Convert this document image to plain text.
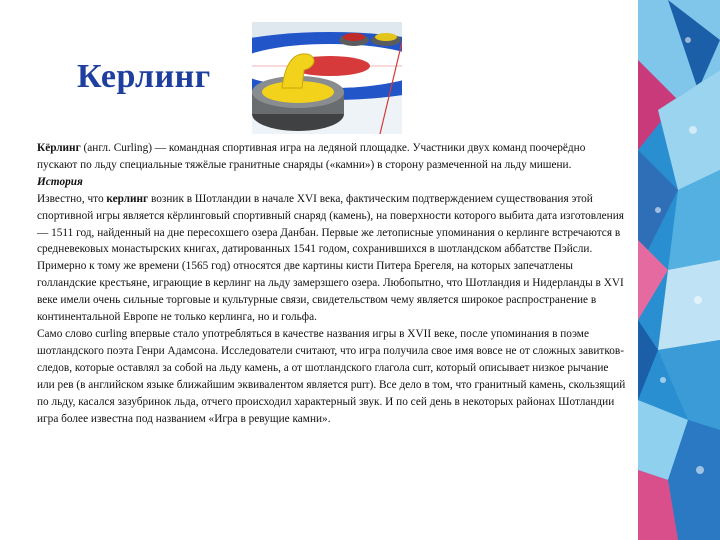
Керлинг

Кёрлинг (англ. Curling) — командная спортивная игра на ледяной площадке. Участники двух команд поочерёдно пускают по льду специальные тяжёлые гранитные снаряды («камни») в сторону размеченной на льду мишени.

История

Известно, что керлинг возник в Шотландии в начале XVI века, фактическим подтверждением существования этой спортивной игры является кёрлинговый спортивный снаряд (камень), на поверхности которого выбита дата изготовления — 1511 год, найденный на дне пересохшего озера Данбан. Первые же летописные упоминания о керлинге встречаются в средневековых монастырских книгах, датированных 1541 годом, сохранившихся в шотландском аббатстве Пэйсли.

Примерно к тому же времени (1565 год) относятся две картины кисти Питера Брегеля, на которых запечатлены голландские крестьяне, играющие в керлинг на льду замерзшего озера. Любопытно, что Шотландия и Нидерланды в XVI веке имели очень сильные торговые и культурные связи, свидетельством чему является широкое распространение в континентальной Европе не только керлинга, но и гольфа.

Само слово curling впервые стало употребляться в качестве названия игры в XVII веке, после упоминания в поэме шотландского поэта Генри Адамсона. Исследователи считают, что игра получила свое имя вовсе не от сложных завитков-следов, которые оставлял за собой на льду камень, а от шотландского глагола curr, который описывает низкое рычание или рев (в английском языке ближайшим эквивалентом является purr). Все дело в том, что гранитный камень, скользящий по льду, касался зазубринок льда, отчего происходил характерный звук. И по сей день в некоторых районах Шотландии игра более известна под названием «Игра в ревущие камни».
